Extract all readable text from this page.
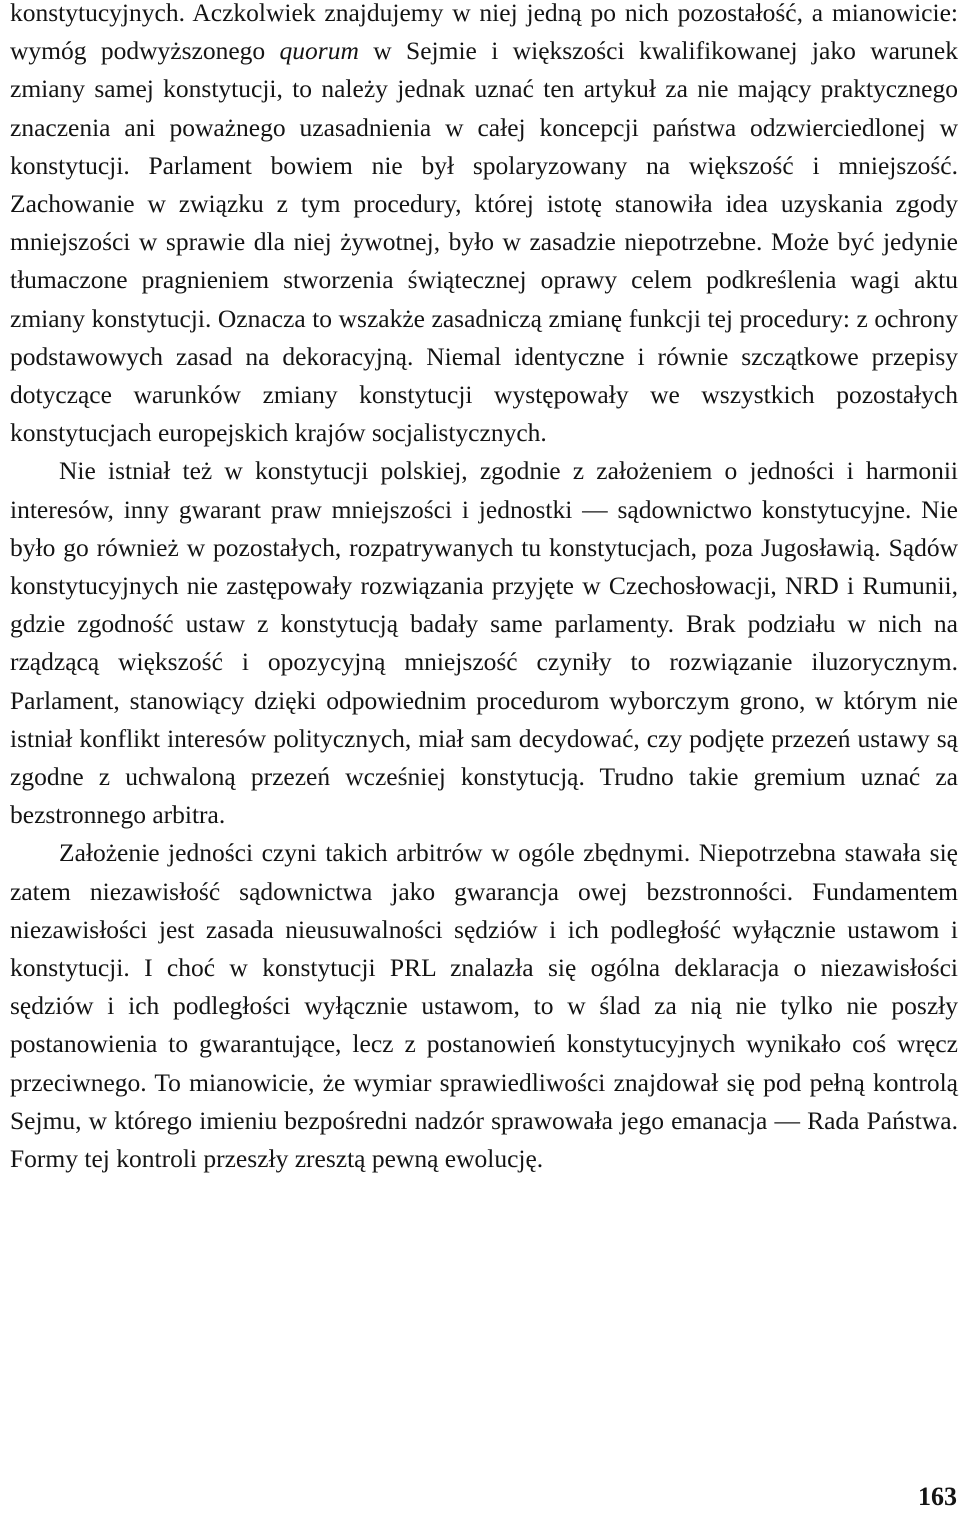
konstytucyjnych. Aczkolwiek znajdujemy w niej jedną po nich pozostałość, a mianowicie: wymóg podwyższonego quorum w Sejmie i większości kwalifikowanej jako warunek zmiany samej konstytucji, to należy jednak uznać ten artykuł za nie mający praktycznego znaczenia ani poważnego uzasadnienia w całej koncepcji państwa odzwierciedlonej w konstytucji. Parlament bowiem nie był spolaryzowany na większość i mniejszość. Zachowanie w związku z tym procedury, której istotę stanowiła idea uzyskania zgody mniejszości w sprawie dla niej żywotnej, było w zasadzie niepotrzebne. Może być jedynie tłumaczone pragnieniem stworzenia świątecznej oprawy celem podkreślenia wagi aktu zmiany konstytucji. Oznacza to wszakże zasadniczą zmianę funkcji tej procedury: z ochrony podstawowych zasad na dekoracyjną. Niemal identyczne i równie szczątkowe przepisy dotyczące warunków zmiany konstytucji występowały we wszystkich pozostałych konstytucjach europejskich krajów socjalistycznych.

Nie istniał też w konstytucji polskiej, zgodnie z założeniem o jedności i harmonii interesów, inny gwarant praw mniejszości i jednostki — sądownictwo konstytucyjne. Nie było go również w pozostałych, rozpatrywanych tu konstytucjach, poza Jugosławią. Sądów konstytucyjnych nie zastępowały rozwiązania przyjęte w Czechosłowacji, NRD i Rumunii, gdzie zgodność ustaw z konstytucją badały same parlamenty. Brak podziału w nich na rządzącą większość i opozycyjną mniejszość czyniły to rozwiązanie iluzorycznym. Parlament, stanowiący dzięki odpowiednim procedurom wyborczym grono, w którym nie istniał konflikt interesów politycznych, miał sam decydować, czy podjęte przezeń ustawy są zgodne z uchwaloną przezeń wcześniej konstytucją. Trudno takie gremium uznać za bezstronnego arbitra.

Założenie jedności czyni takich arbitrów w ogóle zbędnymi. Niepotrzebna stawała się zatem niezawisłość sądownictwa jako gwarancja owej bezstronności. Fundamentem niezawisłości jest zasada nieusuwalności sędziów i ich podległość wyłącznie ustawom i konstytucji. I choć w konstytucji PRL znalazła się ogólna deklaracja o niezawisłości sędziów i ich podległości wyłącznie ustawom, to w ślad za nią nie tylko nie poszły postanowienia to gwarantujące, lecz z postanowień konstytucyjnych wynikało coś wręcz przeciwnego. To mianowicie, że wymiar sprawiedliwości znajdował się pod pełną kontrolą Sejmu, w którego imieniu bezpośredni nadzór sprawowała jego emanacja — Rada Państwa. Formy tej kontroli przeszły zresztą pewną ewolucję.

163
